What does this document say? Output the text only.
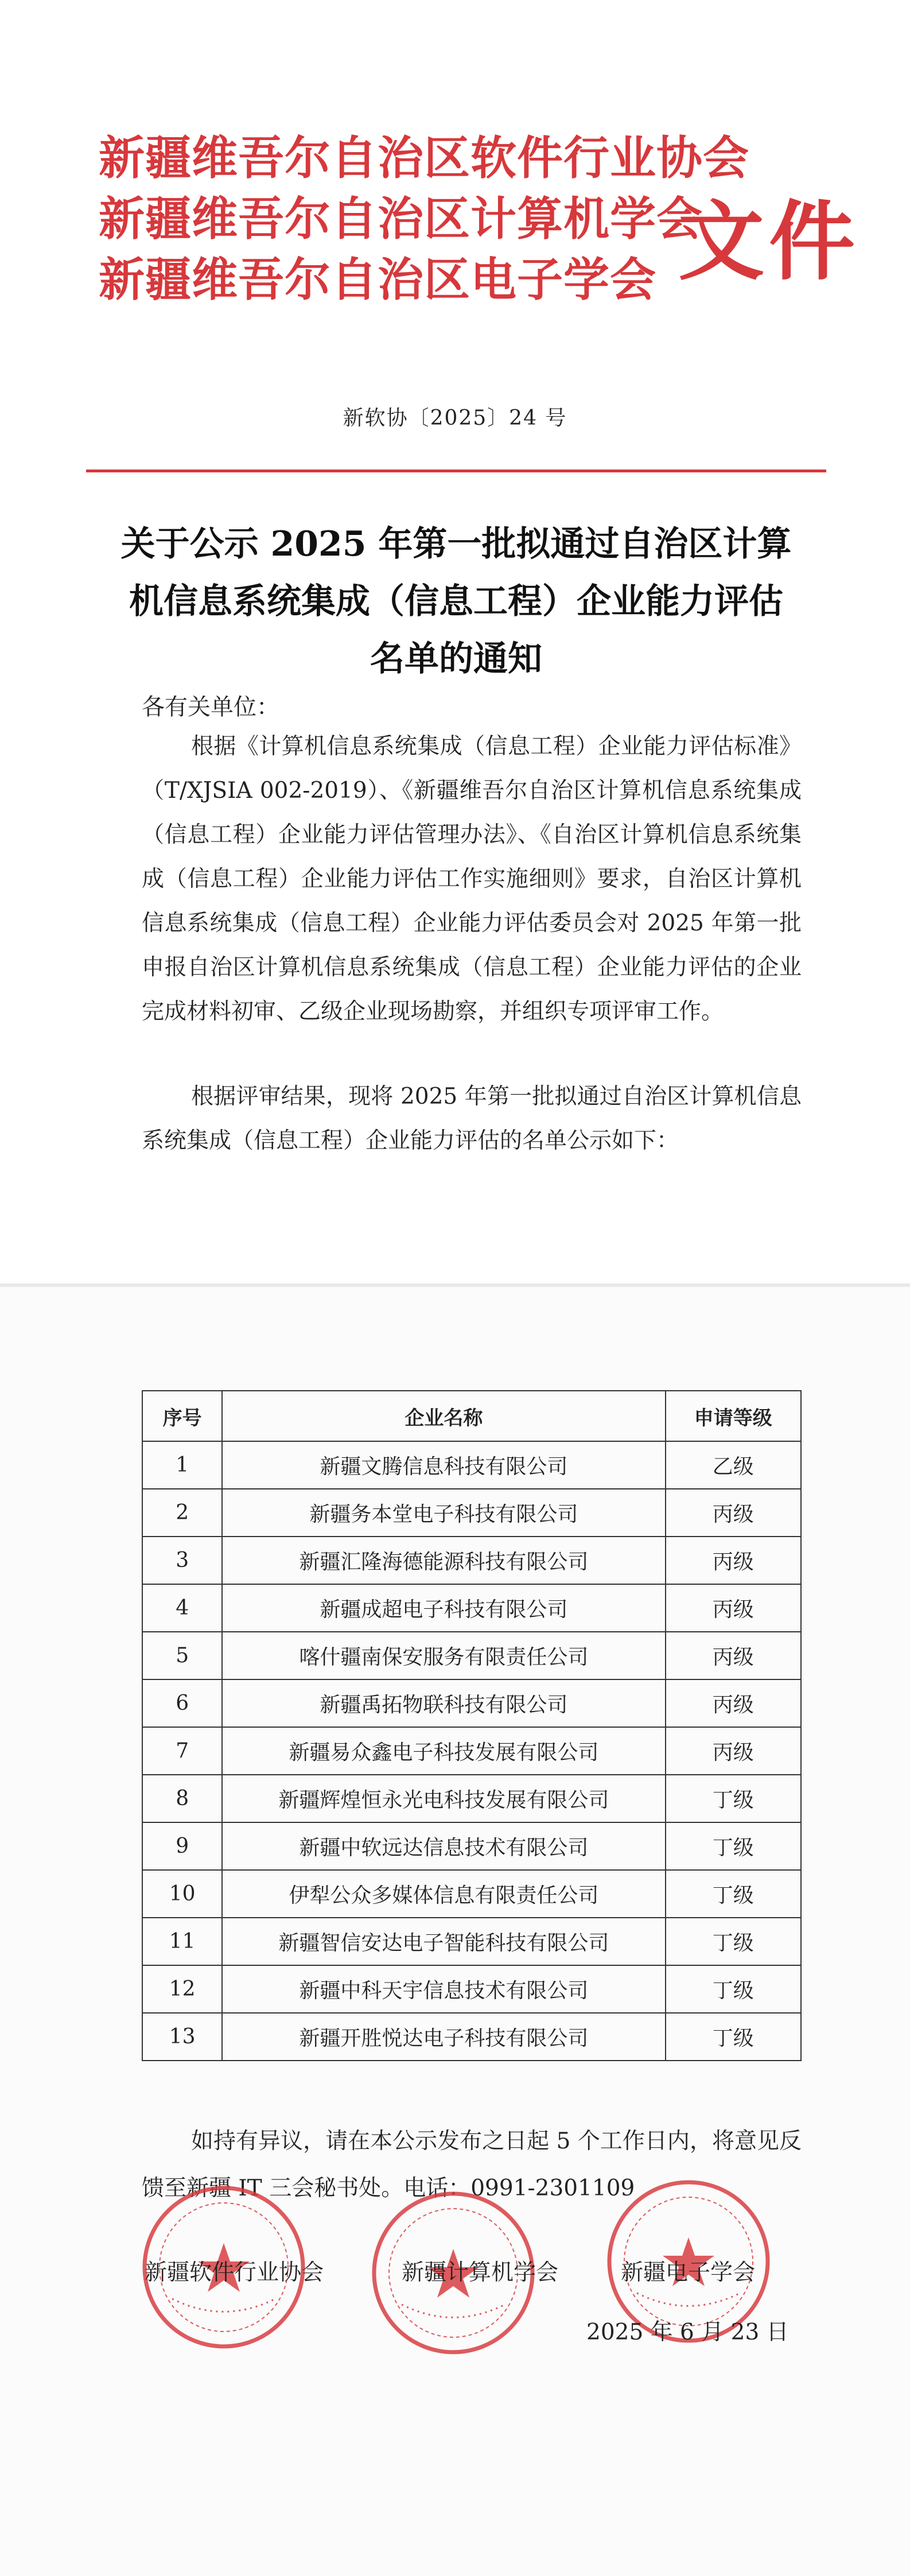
新疆维吾尔自治区软件行业协会
新疆维吾尔自治区计算机学会
新疆维吾尔自治区电子学会 文件
新软协〔2025〕24 号
关于公示 2025 年第一批拟通过自治区计算
机信息系统集成（信息工程）企业能力评估
名单的通知
各有关单位：
根据《计算机信息系统集成（信息工程）企业能力评估标准》（T/XJSIA 002-2019）、《新疆维吾尔自治区计算机信息系统集成（信息工程）企业能力评估管理办法》、《自治区计算机信息系统集成（信息工程）企业能力评估工作实施细则》要求，自治区计算机信息系统集成（信息工程）企业能力评估委员会对 2025 年第一批申报自治区计算机信息系统集成（信息工程）企业能力评估的企业完成材料初审、乙级企业现场勘察，并组织专项评审工作。
根据评审结果，现将 2025 年第一批拟通过自治区计算机信息系统集成（信息工程）企业能力评估的名单公示如下：
序号	企业名称	申请等级
1	新疆文腾信息科技有限公司	乙级
2	新疆务本堂电子科技有限公司	丙级
3	新疆汇隆海德能源科技有限公司	丙级
4	新疆成超电子科技有限公司	丙级
5	喀什疆南保安服务有限责任公司	丙级
6	新疆禹拓物联科技有限公司	丙级
7	新疆易众鑫电子科技发展有限公司	丙级
8	新疆辉煌恒永光电科技发展有限公司	丁级
9	新疆中软远达信息技术有限公司	丁级
10	伊犁公众多媒体信息有限责任公司	丁级
11	新疆智信安达电子智能科技有限公司	丁级
12	新疆中科天宇信息技术有限公司	丁级
13	新疆开胜悦达电子科技有限公司	丁级
如持有异议，请在本公示发布之日起 5 个工作日内，将意见反馈至新疆 IT 三会秘书处。电话：0991-2301109
新疆软件行业协会	新疆计算机学会	新疆电子学会
2025 年 6 月 23 日
